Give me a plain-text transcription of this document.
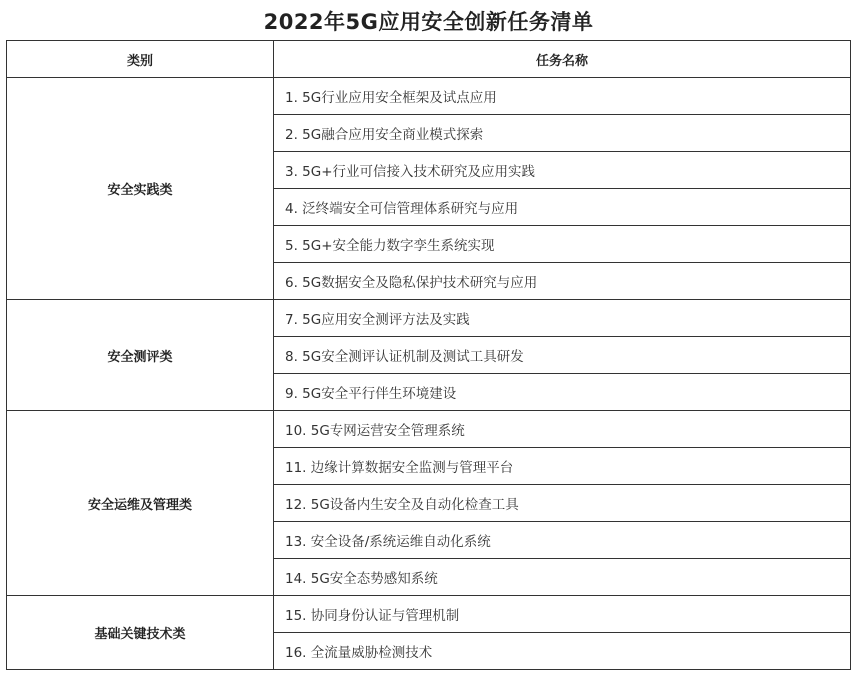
2022年5G应用安全创新任务清单
类别	任务名称
安全实践类	1. 5G行业应用安全框架及试点应用
	2. 5G融合应用安全商业模式探索
	3. 5G+行业可信接入技术研究及应用实践
	4. 泛终端安全可信管理体系研究与应用
	5. 5G+安全能力数字孪生系统实现
	6. 5G数据安全及隐私保护技术研究与应用
安全测评类	7. 5G应用安全测评方法及实践
	8. 5G安全测评认证机制及测试工具研发
	9. 5G安全平行伴生环境建设
安全运维及管理类	10. 5G专网运营安全管理系统
	11. 边缘计算数据安全监测与管理平台
	12. 5G设备内生安全及自动化检查工具
	13. 安全设备/系统运维自动化系统
	14. 5G安全态势感知系统
基础关键技术类	15. 协同身份认证与管理机制
	16. 全流量威胁检测技术
